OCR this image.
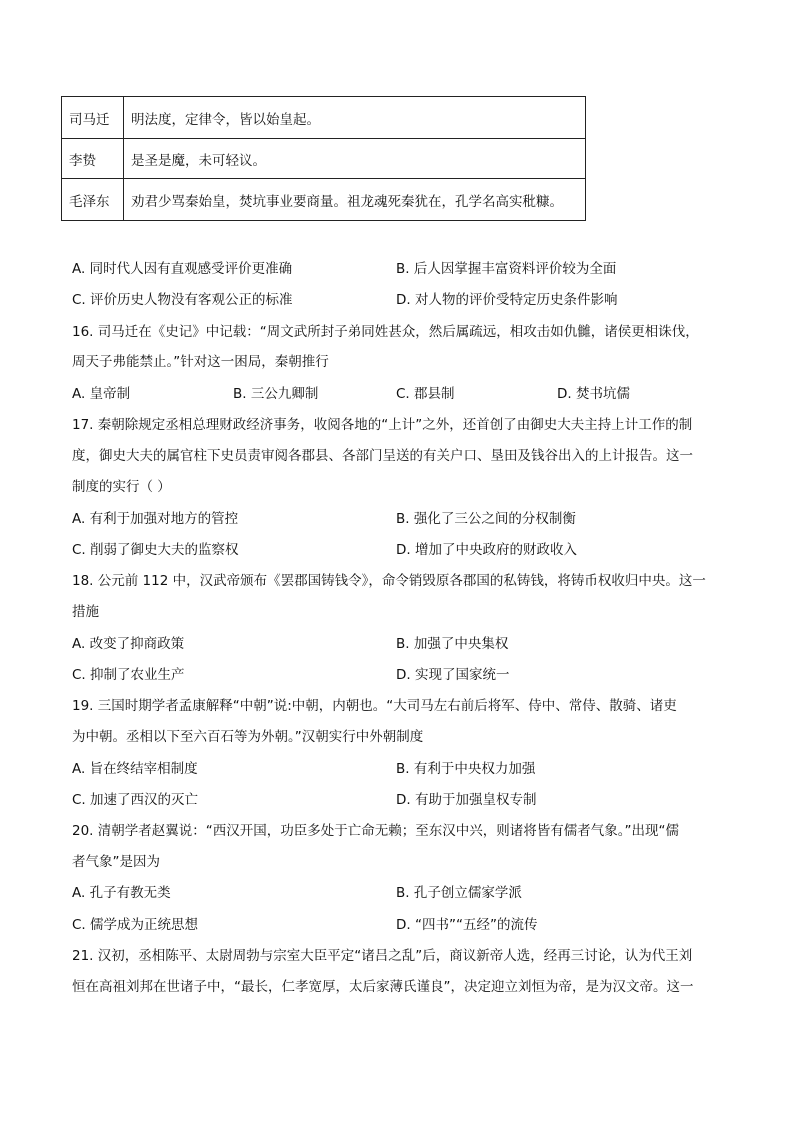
司马迁	明法度，定律令，皆以始皇起。
李贽	是圣是魔，未可轻议。
毛泽东	劝君少骂秦始皇，焚坑事业要商量。祖龙魂死秦犹在，孔学名高实秕糠。
A. 同时代人因有直观感受评价更准确	B. 后人因掌握丰富资料评价较为全面
C. 评价历史人物没有客观公正的标准	D. 对人物的评价受特定历史条件影响
16. 司马迁在《史记》中记载：“周文武所封子弟同姓甚众，然后属疏远，相攻击如仇雠，诸侯更相诛伐，
周天子弗能禁止。”针对这一困局，秦朝推行
A. 皇帝制	B. 三公九卿制	C. 郡县制	D. 焚书坑儒
17. 秦朝除规定丞相总理财政经济事务，收阅各地的“上计”之外，还首创了由御史大夫主持上计工作的制
度，御史大夫的属官柱下史员责审阅各郡县、各部门呈送的有关户口、垦田及钱谷出入的上计报告。这一
制度的实行（ ）
A. 有利于加强对地方的管控	B. 强化了三公之间的分权制衡
C. 削弱了御史大夫的监察权	D. 增加了中央政府的财政收入
18. 公元前 112 中，汉武帝颁布《罢郡国铸钱令》，命令销毁原各郡国的私铸钱，将铸币权收归中央。这一
措施
A. 改变了抑商政策	B. 加强了中央集权
C. 抑制了农业生产	D. 实现了国家统一
19. 三国时期学者孟康解释“中朝”说:中朝，内朝也。“大司马左右前后将军、侍中、常侍、散骑、诸吏
为中朝。丞相以下至六百石等为外朝。”汉朝实行中外朝制度
A. 旨在终结宰相制度	B. 有利于中央权力加强
C. 加速了西汉的灭亡	D. 有助于加强皇权专制
20. 清朝学者赵翼说：“西汉开国，功臣多处于亡命无赖；至东汉中兴，则诸将皆有儒者气象。”出现“儒
者气象”是因为
A. 孔子有教无类	B. 孔子创立儒家学派
C. 儒学成为正统思想	D. “四书”“五经”的流传
21. 汉初，丞相陈平、太尉周勃与宗室大臣平定“诸吕之乱”后，商议新帝人选，经再三讨论，认为代王刘
恒在高祖刘邦在世诸子中，“最长，仁孝宽厚，太后家薄氏谨良”，决定迎立刘恒为帝，是为汉文帝。这一
